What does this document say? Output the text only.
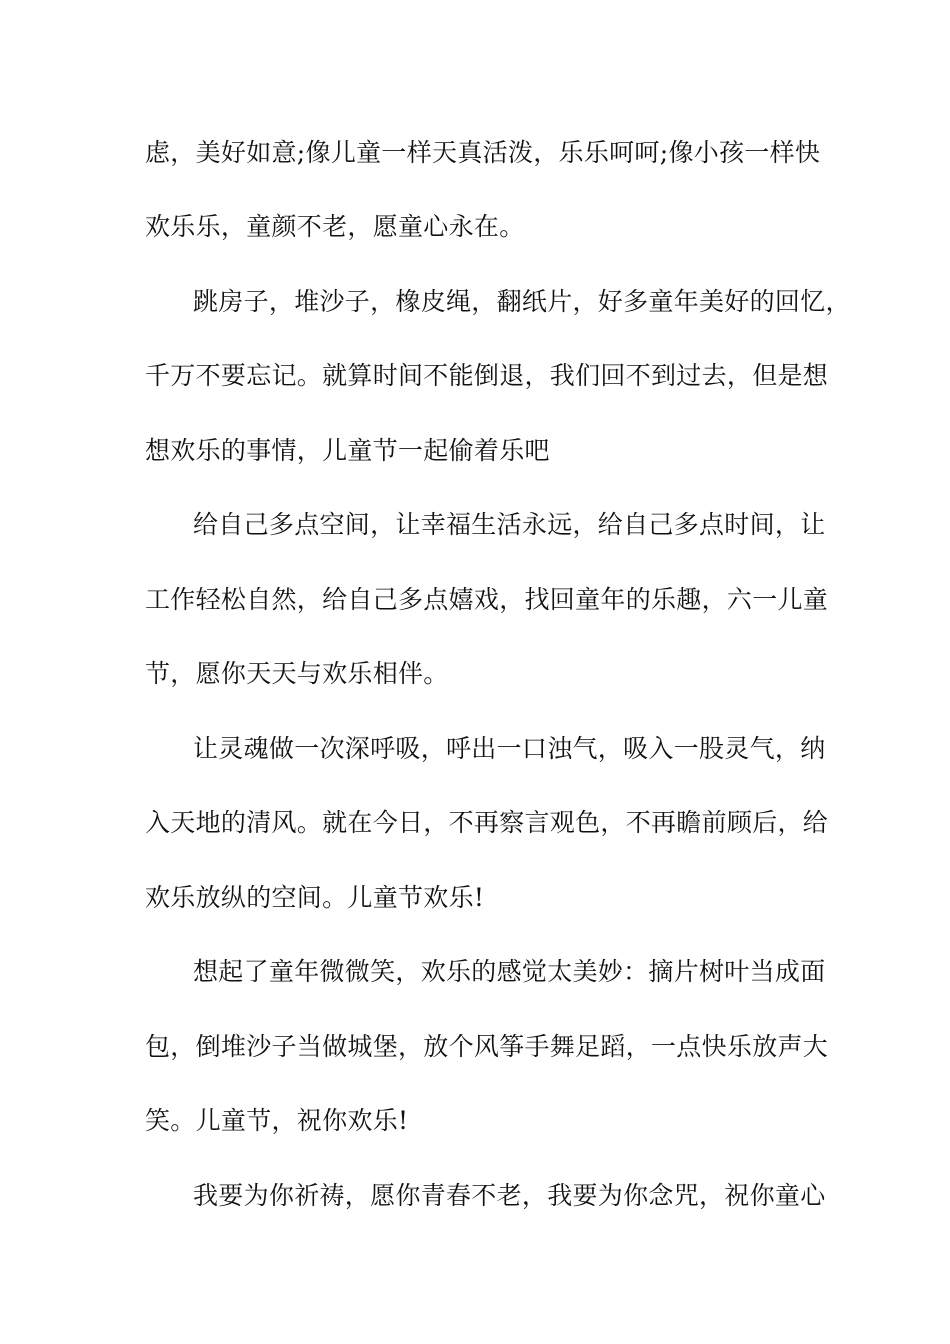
虑，美好如意;像儿童一样天真活泼，乐乐呵呵;像小孩一样快
欢乐乐，童颜不老，愿童心永在。
跳房子，堆沙子，橡皮绳，翻纸片，好多童年美好的回忆，
千万不要忘记。就算时间不能倒退，我们回不到过去，但是想
想欢乐的事情，儿童节一起偷着乐吧
给自己多点空间，让幸福生活永远，给自己多点时间，让
工作轻松自然，给自己多点嬉戏，找回童年的乐趣，六一儿童
节，愿你天天与欢乐相伴。
让灵魂做一次深呼吸，呼出一口浊气，吸入一股灵气，纳
入天地的清风。就在今日，不再察言观色，不再瞻前顾后，给
欢乐放纵的空间。儿童节欢乐!
想起了童年微微笑，欢乐的感觉太美妙：摘片树叶当成面
包，倒堆沙子当做城堡，放个风筝手舞足蹈，一点快乐放声大
笑。儿童节，祝你欢乐!
我要为你祈祷，愿你青春不老，我要为你念咒，祝你童心
